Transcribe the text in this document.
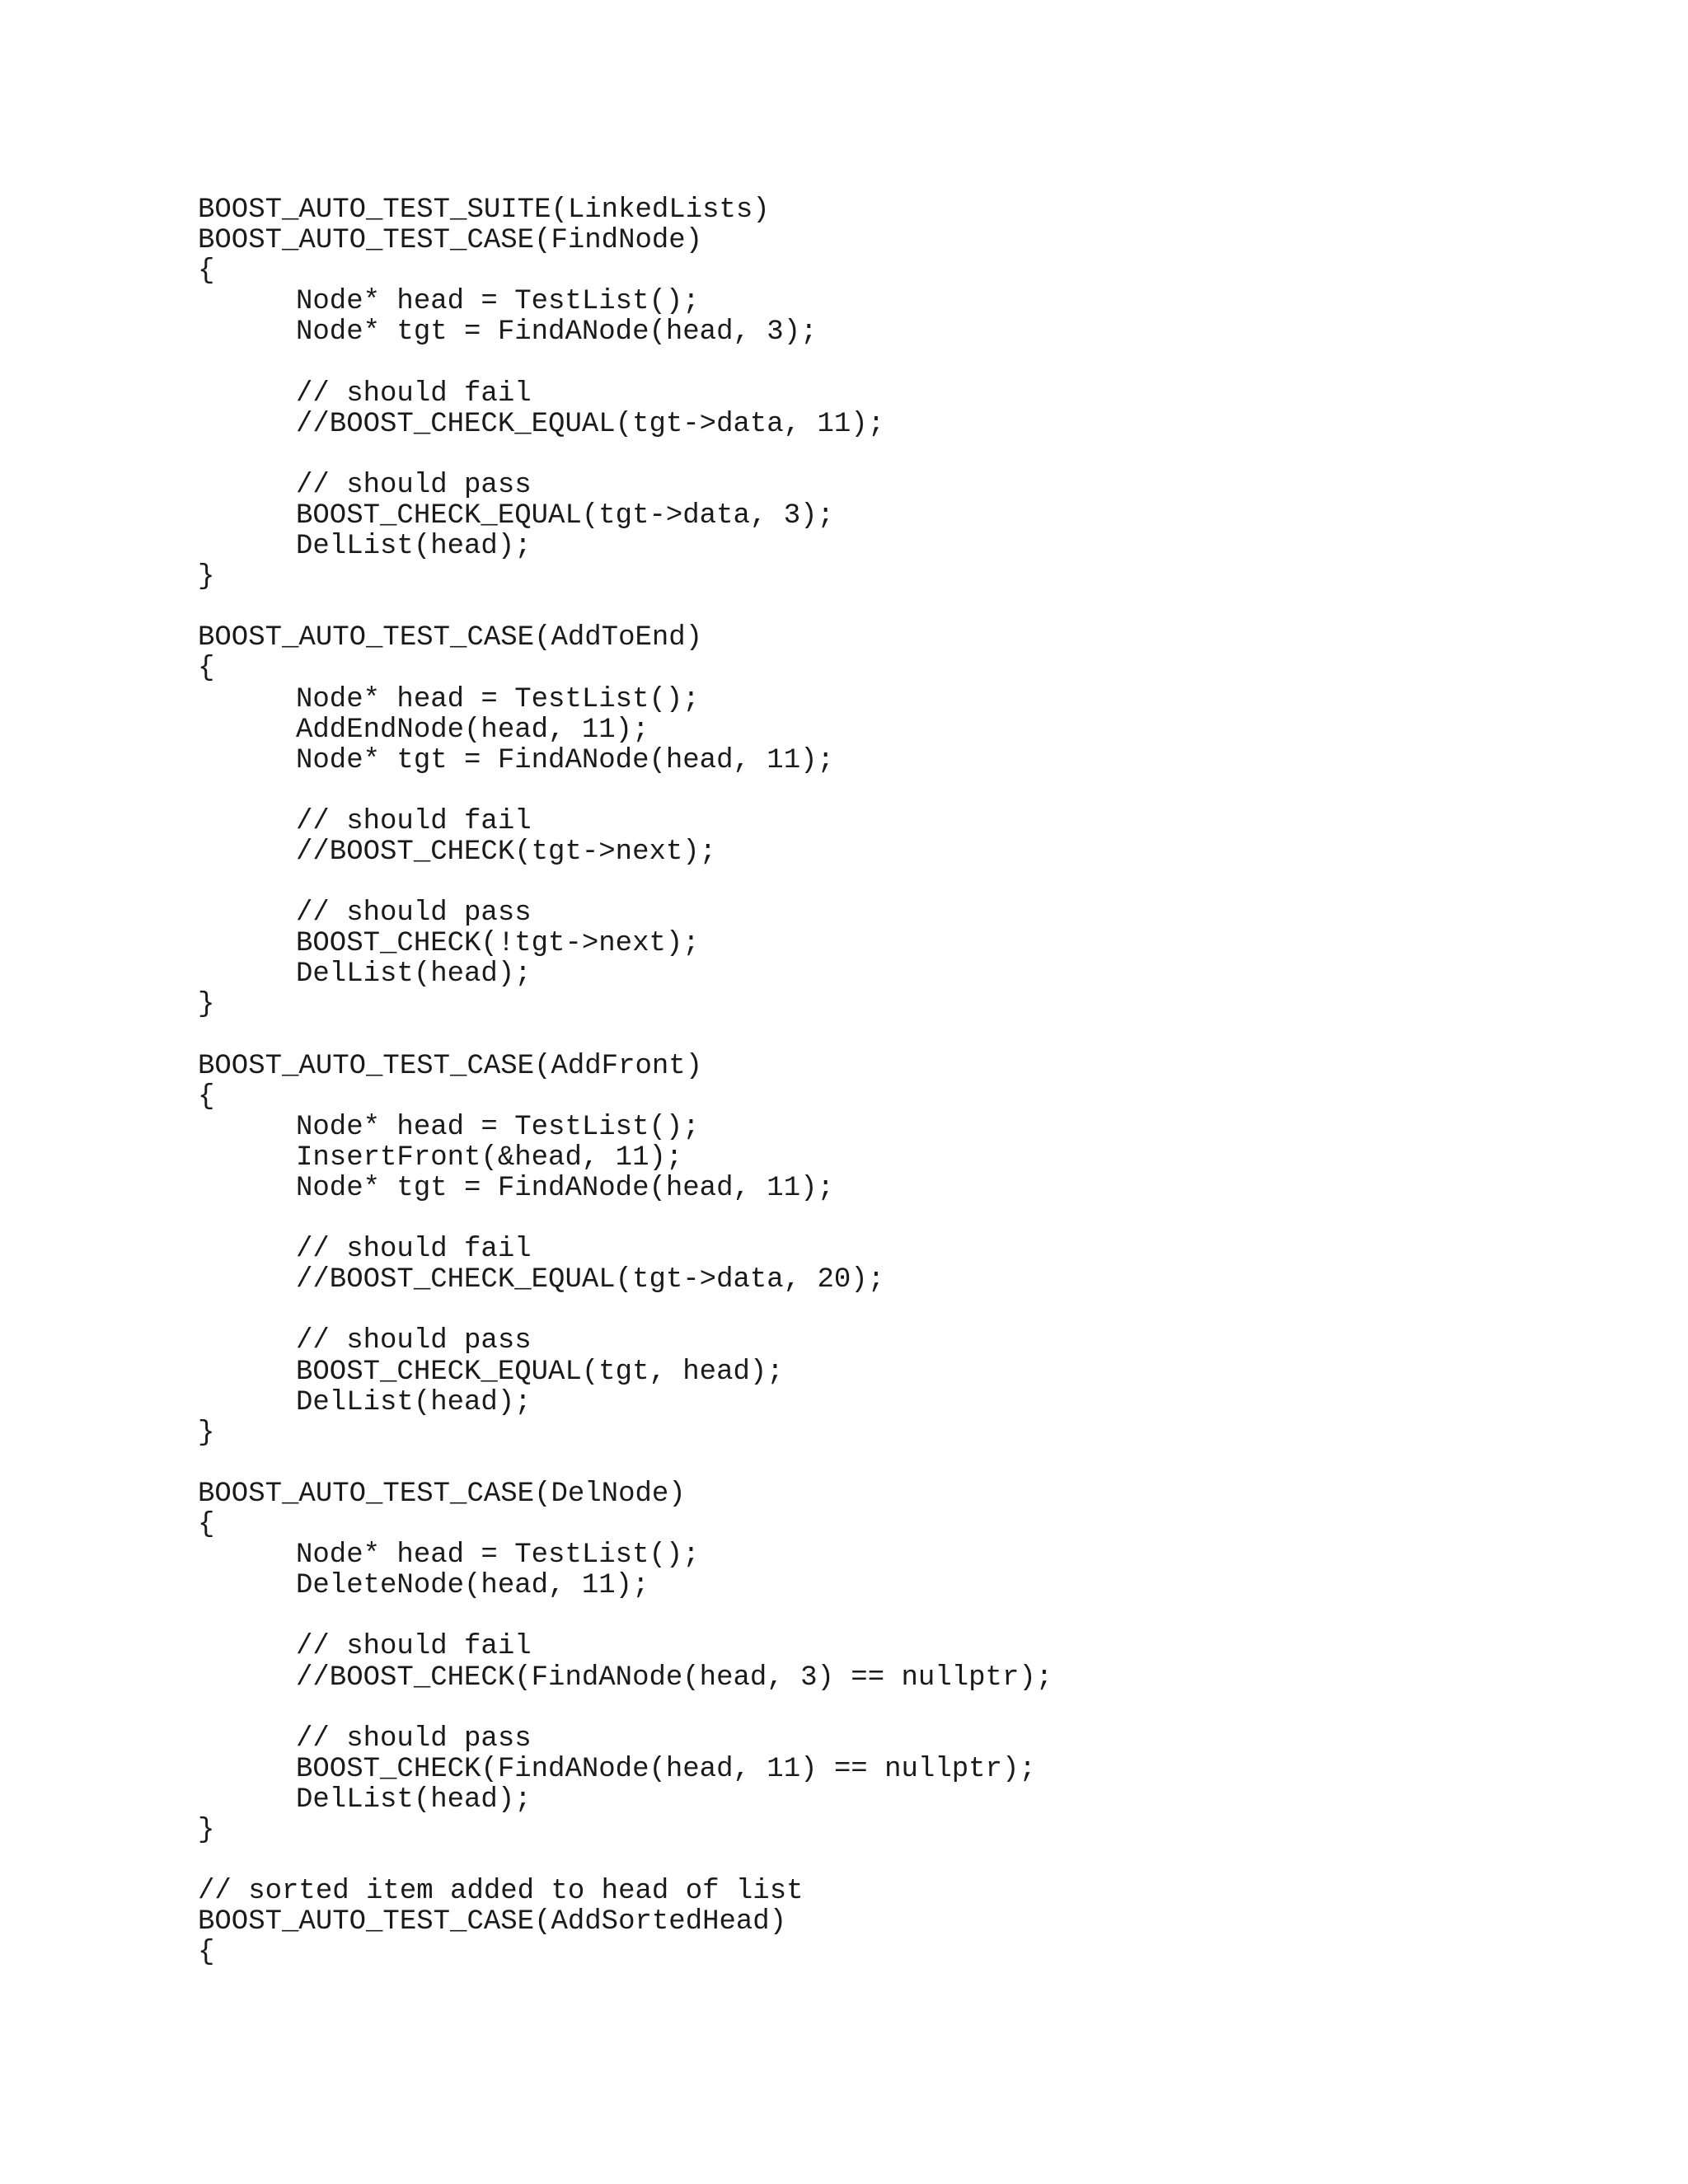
BOOST_AUTO_TEST_SUITE(LinkedLists)
BOOST_AUTO_TEST_CASE(FindNode)
{
Node* head = TestList();
Node* tgt = FindANode(head, 3);
// should fail
//BOOST_CHECK_EQUAL(tgt->data, 11);
// should pass
BOOST_CHECK_EQUAL(tgt->data, 3);
DelList(head);
}
BOOST_AUTO_TEST_CASE(AddToEnd)
{
Node* head = TestList();
AddEndNode(head, 11);
Node* tgt = FindANode(head, 11);
// should fail
//BOOST_CHECK(tgt->next);
// should pass
BOOST_CHECK(!tgt->next);
DelList(head);
}
BOOST_AUTO_TEST_CASE(AddFront)
{
Node* head = TestList();
InsertFront(&head, 11);
Node* tgt = FindANode(head, 11);
// should fail
//BOOST_CHECK_EQUAL(tgt->data, 20);
// should pass
BOOST_CHECK_EQUAL(tgt, head);
DelList(head);
}
BOOST_AUTO_TEST_CASE(DelNode)
{
Node* head = TestList();
DeleteNode(head, 11);
// should fail
//BOOST_CHECK(FindANode(head, 3) == nullptr);
// should pass
BOOST_CHECK(FindANode(head, 11) == nullptr);
DelList(head);
}
// sorted item added to head of list
BOOST_AUTO_TEST_CASE(AddSortedHead)
{
